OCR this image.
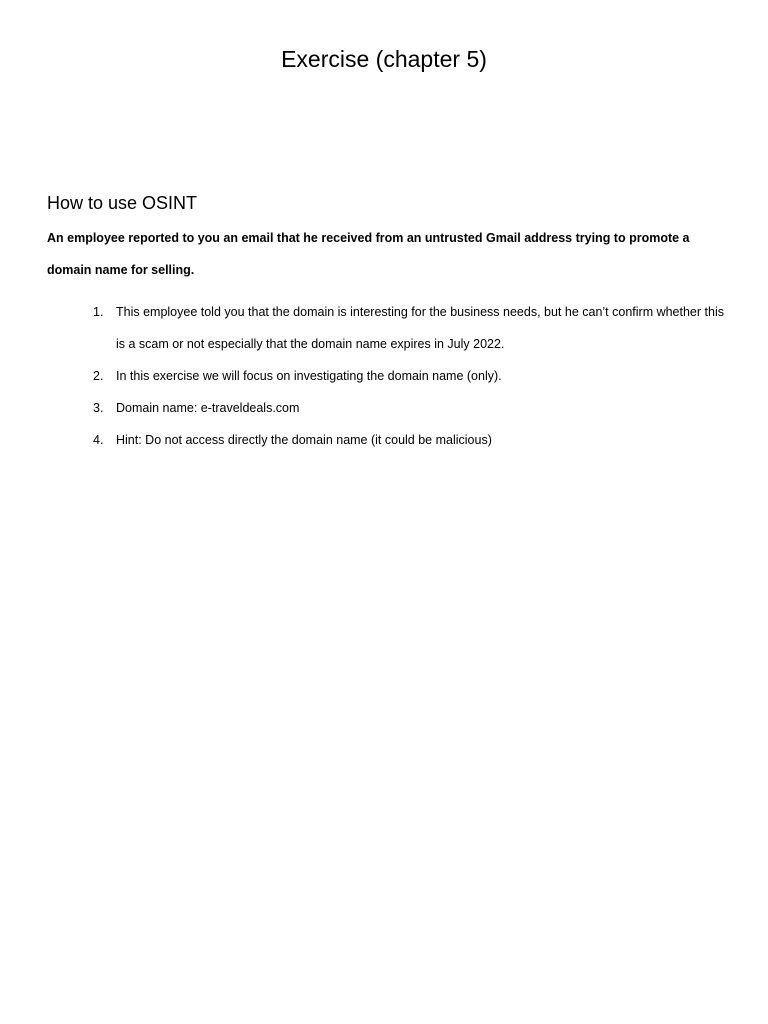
Exercise (chapter 5)
How to use OSINT

An employee reported to you an email that he received from an untrusted Gmail address trying to promote a domain name for selling.

1. This employee told you that the domain is interesting for the business needs, but he can’t confirm whether this is a scam or not especially that the domain name expires in July 2022.
2. In this exercise we will focus on investigating the domain name (only).
3. Domain name: e-traveldeals.com
4. Hint: Do not access directly the domain name (it could be malicious)
